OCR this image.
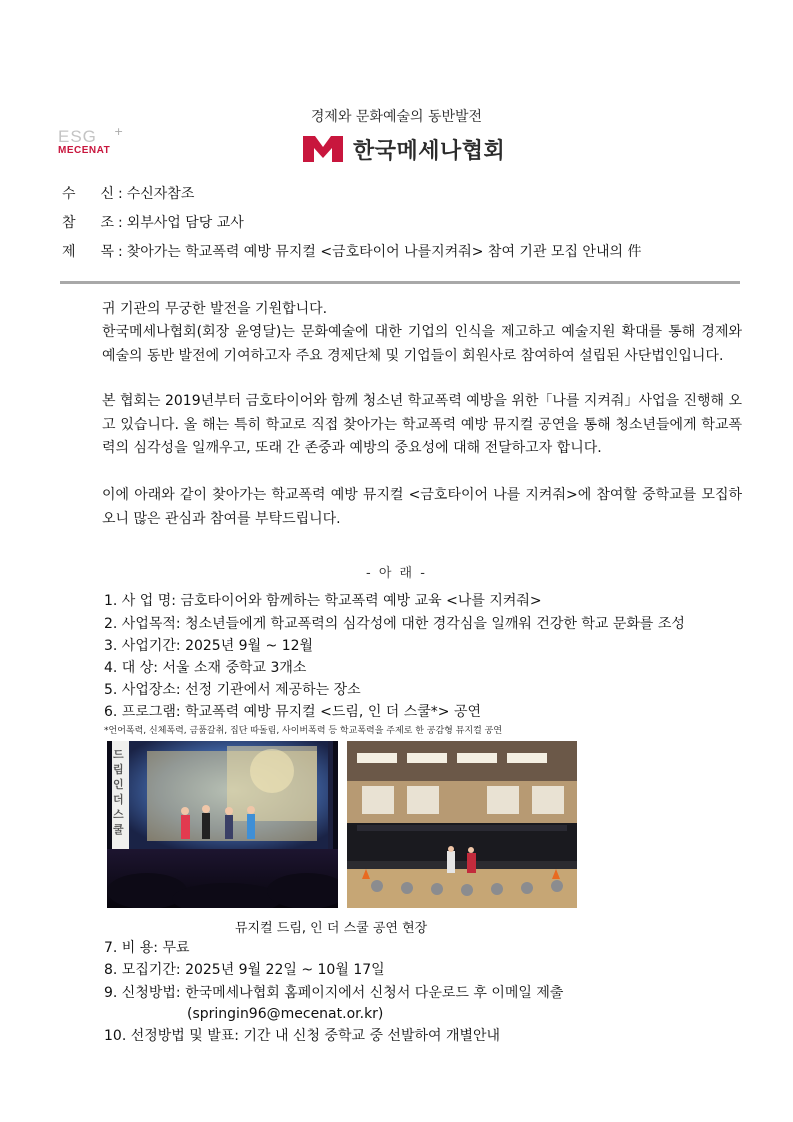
경제와 문화예술의 동반발전
ESG
MECENAT
+
한국메세나협회
수 신 : 수신자참조
참 조 : 외부사업 담당 교사
제 목 : 찾아가는 학교폭력 예방 뮤지컬 <금호타이어 나를지켜줘> 참여 기관 모집 안내의 件

귀 기관의 무궁한 발전을 기원합니다.

한국메세나협회(회장 윤영달)는 문화예술에 대한 기업의 인식을 제고하고 예술지원 확대를 통해 경제와 예술의 동반 발전에 기여하고자 주요 경제단체 및 기업들이 회원사로 참여하여 설립된 사단법인입니다.

본 협회는 2019년부터 금호타이어와 함께 청소년 학교폭력 예방을 위한「나를 지켜줘」사업을 진행해 오고 있습니다. 올 해는 특히 학교로 직접 찾아가는 학교폭력 예방 뮤지컬 공연을 통해 청소년들에게 학교폭력의 심각성을 일깨우고, 또래 간 존중과 예방의 중요성에 대해 전달하고자 합니다.

이에 아래와 같이 찾아가는 학교폭력 예방 뮤지컬 <금호타이어 나를 지켜줘>에 참여할 중학교를 모집하오니 많은 관심과 참여를 부탁드립니다.

- 아 래 -
1. 사 업 명: 금호타이어와 함께하는 학교폭력 예방 교육 <나를 지켜줘>
2. 사업목적: 청소년들에게 학교폭력의 심각성에 대한 경각심을 일깨워 건강한 학교 문화를 조성
3. 사업기간: 2025년 9월 ~ 12월
4. 대 상: 서울 소재 중학교 3개소
5. 사업장소: 선정 기관에서 제공하는 장소
6. 프로그램: 학교폭력 예방 뮤지컬 <드림, 인 더 스쿨*> 공연
*언어폭력, 신체폭력, 금품갈취, 집단 따돌림, 사이버폭력 등 학교폭력을 주제로 한 공감형 뮤지컬 공연
드림 인 더 스쿨
뮤지컬 드림, 인 더 스쿨 공연 현장
7. 비 용: 무료
8. 모집기간: 2025년 9월 22일 ~ 10월 17일
9. 신청방법: 한국메세나협회 홈페이지에서 신청서 다운로드 후 이메일 제출
(springin96@mecenat.or.kr)
10. 선정방법 및 발표: 기간 내 신청 중학교 중 선발하여 개별안내
